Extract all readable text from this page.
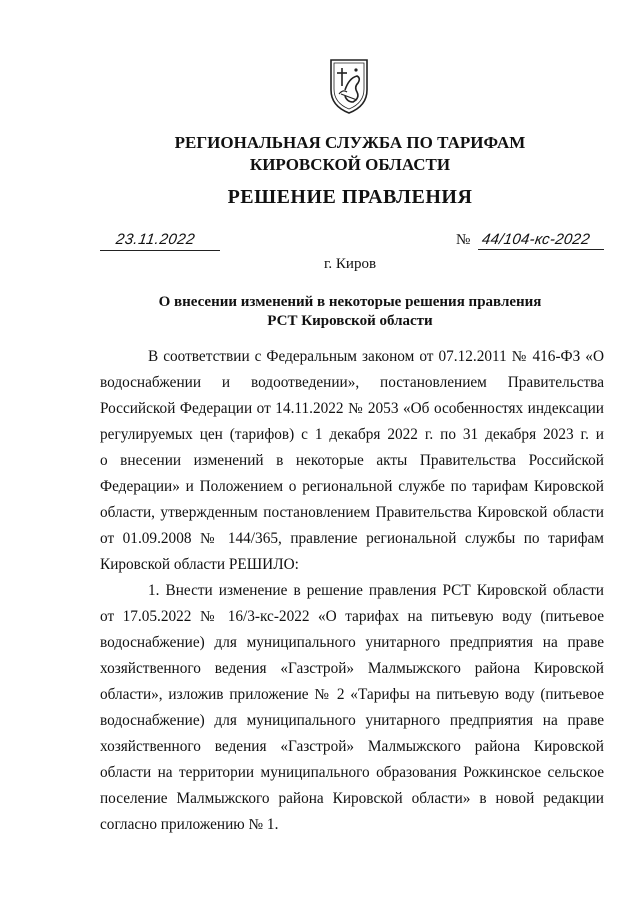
РЕГИОНАЛЬНАЯ СЛУЖБА ПО ТАРИФАМ
КИРОВСКОЙ ОБЛАСТИ
РЕШЕНИЕ ПРАВЛЕНИЯ
23.11.2022	№ 44/104-кс-2022
г. Киров
О внесении изменений в некоторые решения правления
РСТ Кировской области
В соответствии с Федеральным законом от 07.12.2011 № 416-ФЗ «О
водоснабжении и водоотведении», постановлением Правительства
Российской Федерации от 14.11.2022 № 2053 «Об особенностях индексации
регулируемых цен (тарифов) с 1 декабря 2022 г. по 31 декабря 2023 г. и
о внесении изменений в некоторые акты Правительства Российской
Федерации» и Положением о региональной службе по тарифам Кировской
области, утвержденным постановлением Правительства Кировской области
от 01.09.2008 № 144/365, правление региональной службы по тарифам
Кировской области РЕШИЛО:
1. Внести изменение в решение правления РСТ Кировской области
от 17.05.2022 № 16/3-кс-2022 «О тарифах на питьевую воду (питьевое
водоснабжение) для муниципального унитарного предприятия на праве
хозяйственного ведения «Газстрой» Малмыжского района Кировской
области», изложив приложение № 2 «Тарифы на питьевую воду (питьевое
водоснабжение) для муниципального унитарного предприятия на праве
хозяйственного ведения «Газстрой» Малмыжского района Кировской
области на территории муниципального образования Рожкинское сельское
поселение Малмыжского района Кировской области» в новой редакции
согласно приложению № 1.
